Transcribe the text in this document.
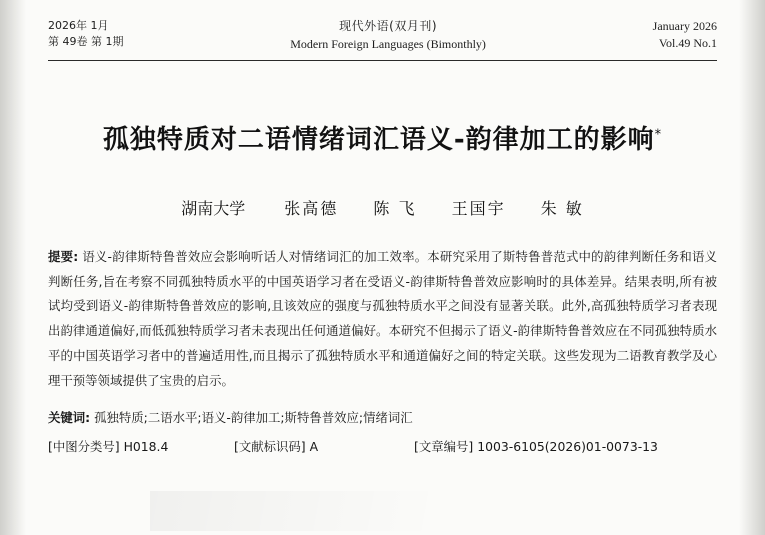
2026年 1月
第 49卷 第 1期
现代外语(双月刊)
Modern Foreign Languages (Bimonthly)
January 2026
Vol.49 No.1
孤独特质对二语情绪词汇语义-韵律加工的影响*
湖南大学 张高德 陈 飞 王国宇 朱 敏
提要: 语义-韵律斯特鲁普效应会影响听话人对情绪词汇的加工效率。本研究采用了斯特鲁普范式中的韵律判断任务和语义判断任务,旨在考察不同孤独特质水平的中国英语学习者在受语义-韵律斯特鲁普效应影响时的具体差异。结果表明,所有被试均受到语义-韵律斯特鲁普效应的影响,且该效应的强度与孤独特质水平之间没有显著关联。此外,高孤独特质学习者表现出韵律通道偏好,而低孤独特质学习者未表现出任何通道偏好。本研究不但揭示了语义-韵律斯特鲁普效应在不同孤独特质水平的中国英语学习者中的普遍适用性,而且揭示了孤独特质水平和通道偏好之间的特定关联。这些发现为二语教育教学及心理干预等领域提供了宝贵的启示。
关键词: 孤独特质;二语水平;语义-韵律加工;斯特鲁普效应;情绪词汇
[中图分类号] H018.4	[文献标识码] A	[文章编号] 1003-6105(2026)01-0073-13
